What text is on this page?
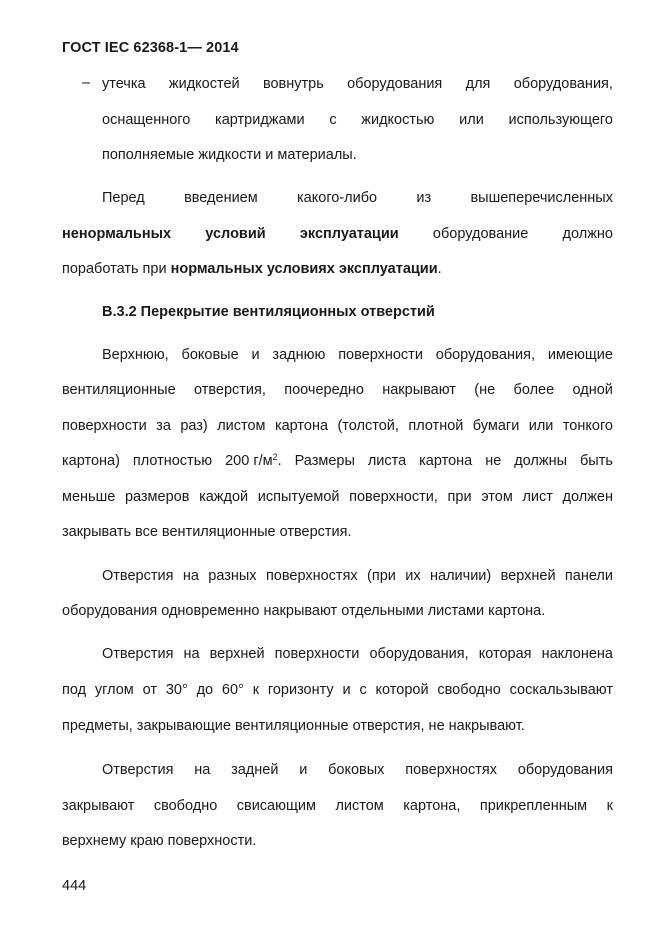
ГОСТ IEC 62368-1— 2014
– утечка жидкостей вовнутрь оборудования для оборудования,
оснащенного картриджами с жидкостью или использующего
пополняемые жидкости и материалы.
Перед	введением	какого-либо	из	вышеперечисленных
ненормальных условий эксплуатации оборудование должно
поработать при нормальных условиях эксплуатации.
В.3.2 Перекрытие вентиляционных отверстий
Верхнюю, боковые и заднюю поверхности оборудования, имеющие
вентиляционные отверстия, поочередно накрывают (не более одной
поверхности за раз) листом картона (толстой, плотной бумаги или тонкого
картона) плотностью 200 $г/м^2$. Размеры листа картона не должны быть
меньше размеров каждой испытуемой поверхности, при этом лист должен
закрывать все вентиляционные отверстия.
Отверстия на разных поверхностях (при их наличии) верхней панели
оборудования одновременно накрывают отдельными листами картона.
Отверстия на верхней поверхности оборудования, которая наклонена
под углом от 30° до 60° к горизонту и с которой свободно соскальзывают
предметы, закрывающие вентиляционные отверстия, не накрывают.
Отверстия на задней и боковых поверхностях оборудования
закрывают свободно свисающим листом картона, прикрепленным к
верхнему краю поверхности.
444
